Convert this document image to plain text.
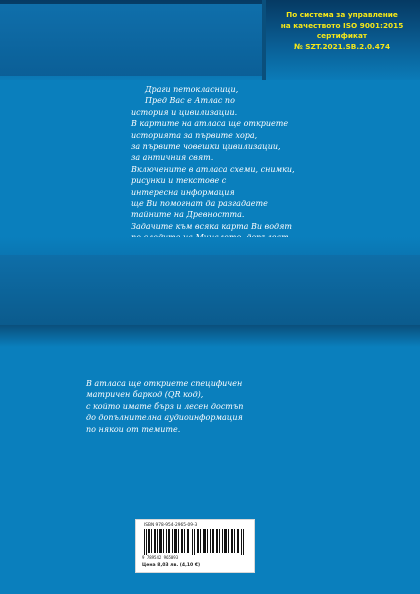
По система за управление
на качеството ISO 9001:2015
сертификат
№ SZT.2021.SB.2.0.474
Драги петокласници,
Пред Вас е Атлас по
история и цивилизации.
В картите на атласа ще откриете
историята за първите хора,
за първите човешки цивилизации,
за античния свят.
Включените в атласа схеми, снимки,
рисунки и текстове с
интересна информация
ще Ви помогнат да разгадаете
тайните на Древността.
Задачите към всяка карта Ви водят
В атласа ще откриете специфичен
матричен баркод (QR код),
с който имате бърз и лесен достъп
до допълнителна аудиоинформация
по някои от темите.
ISBN 978-954-2965-09-3
9 789542 965093
Цена 8,03 лв. (4,10 €)
